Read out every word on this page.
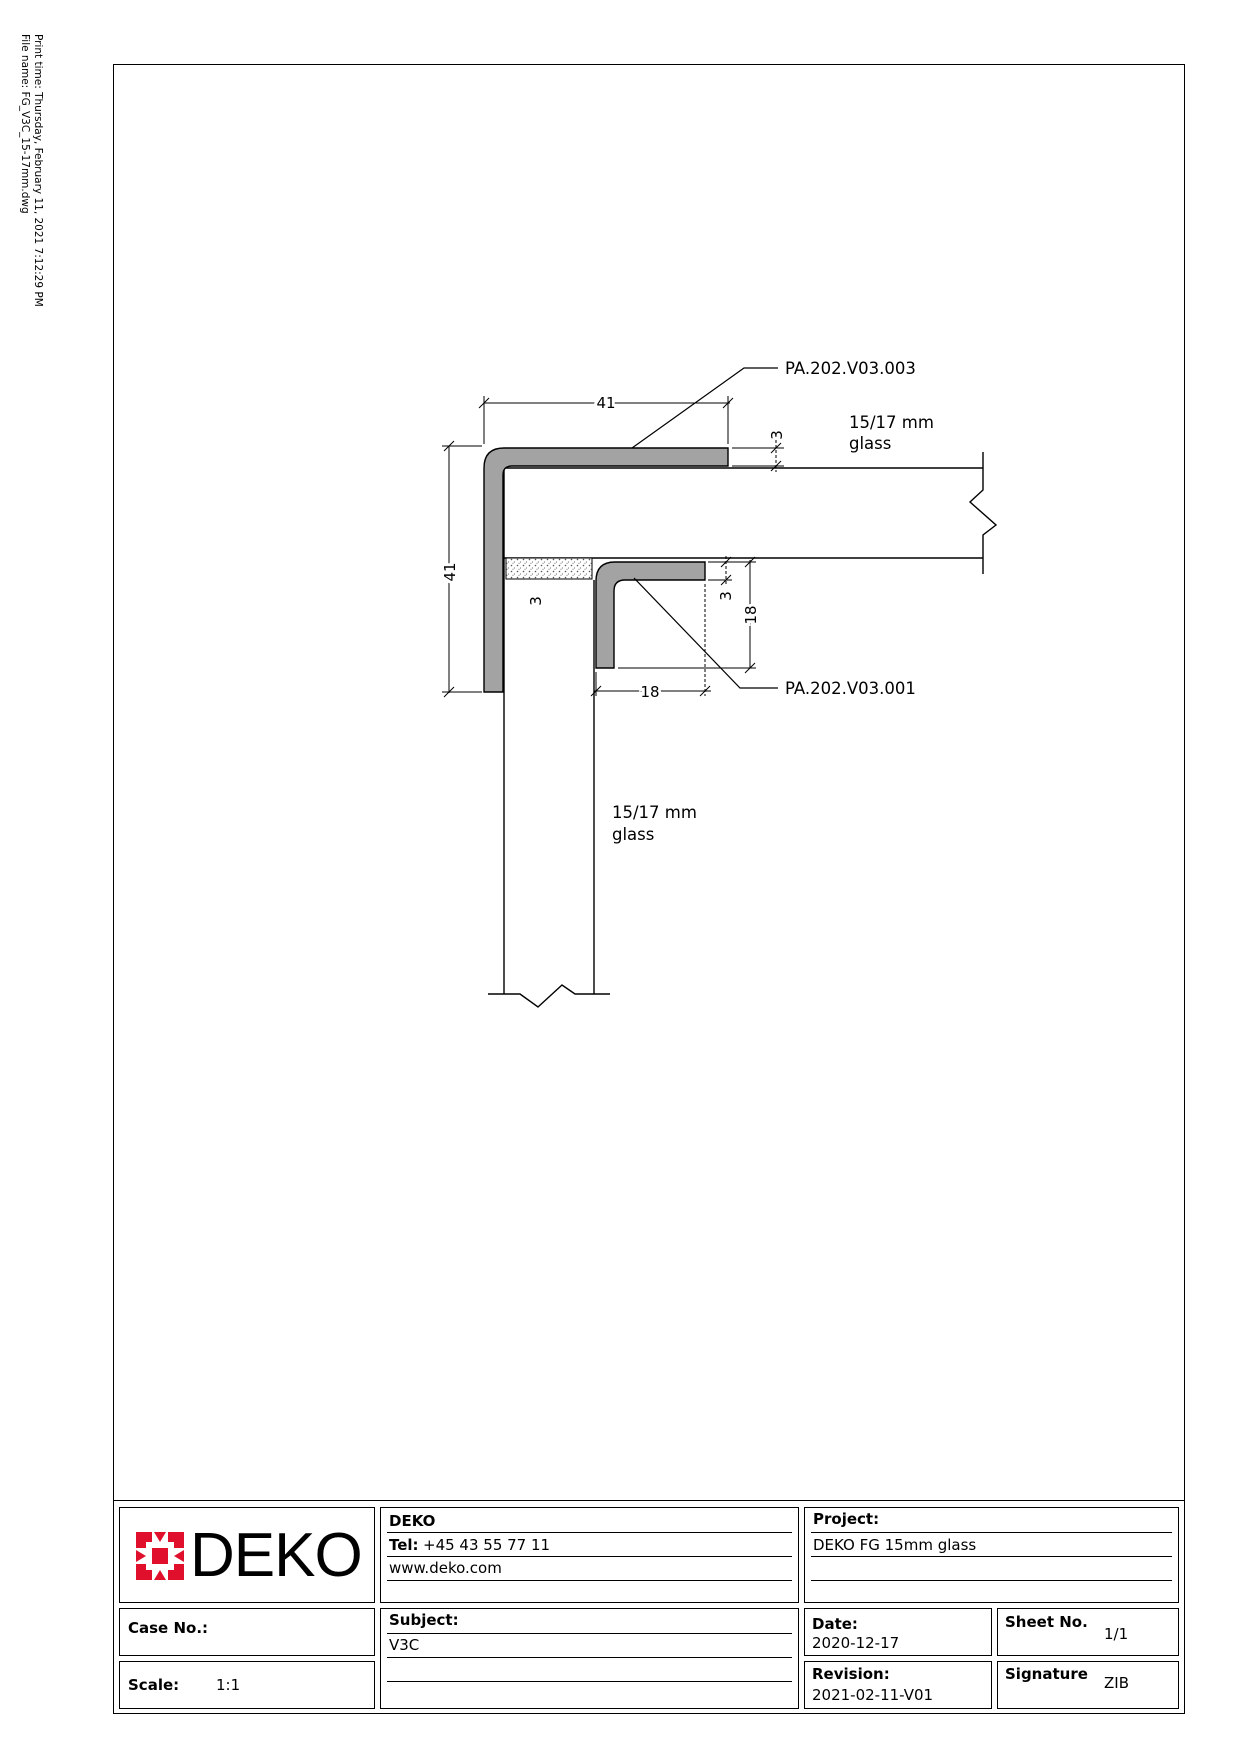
Print time: Thursday, February 11, 2021 7:12:29 PM
File name: FG_V3C_15-17mm.dwg
41
41
3
3
3
18
18
PA.202.V03.003
PA.202.V03.001
15/17 mm
glass
15/17 mm
glass
DEKO DEKO
Tel: +45 43 55 77 11
www.deko.com
Project:
DEKO FG 15mm glass
Case No.:
Scale: 1:1
Subject:
V3C
Date:
2020-12-17
Sheet No.
1/1
Revision:
2021-02-11-V01
Signature ZIB
